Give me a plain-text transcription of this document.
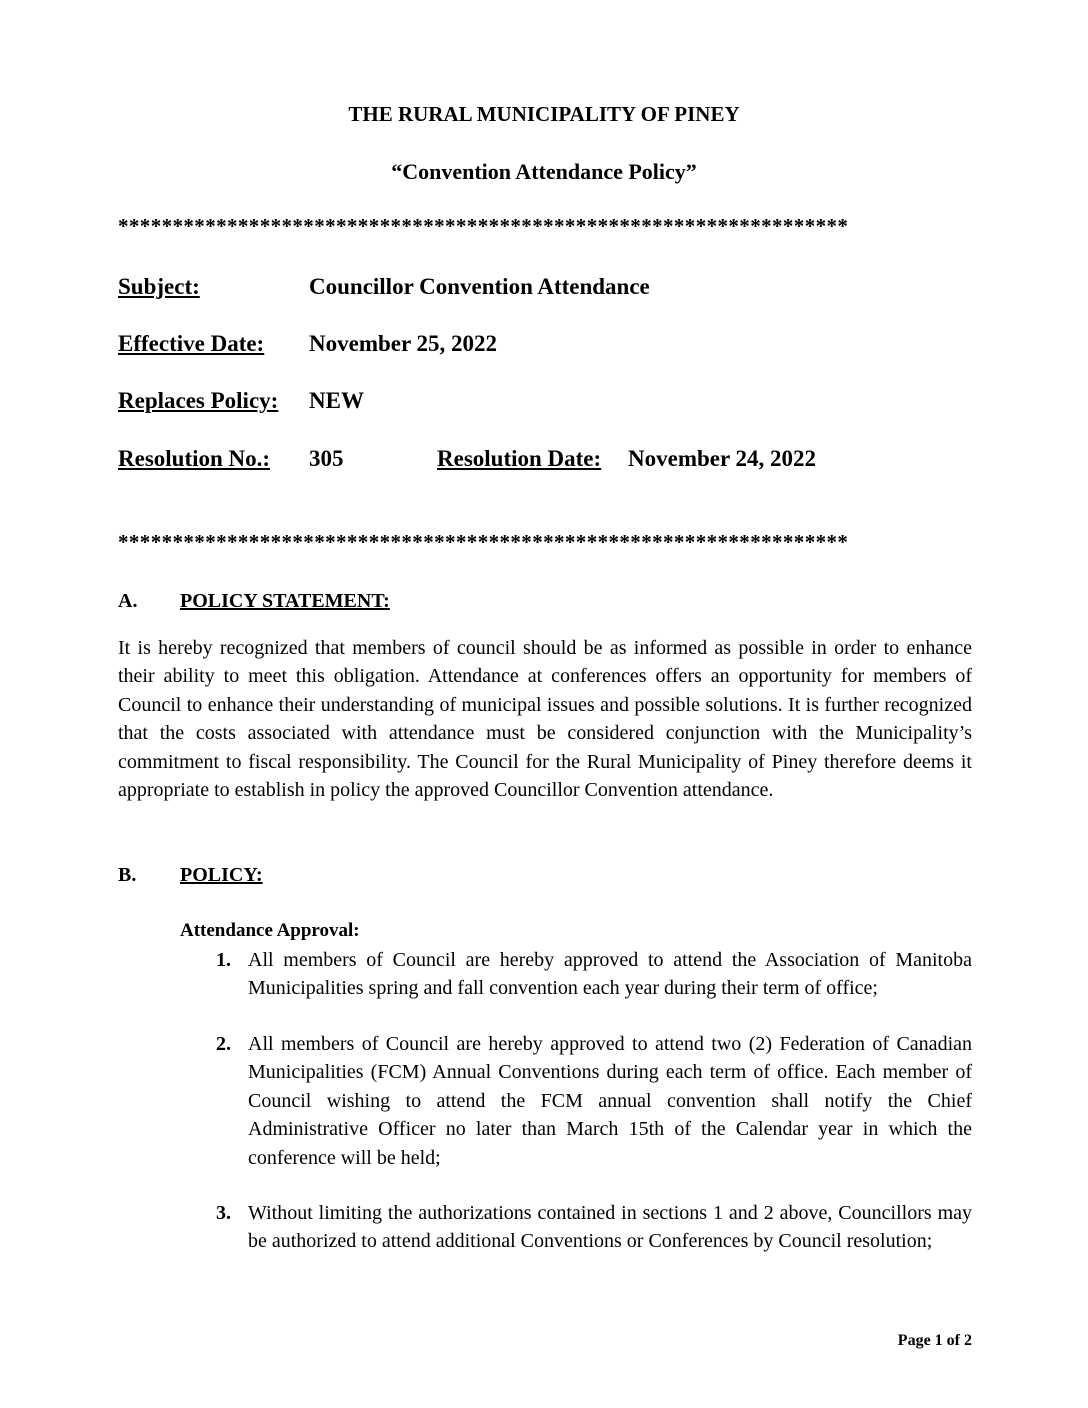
THE RURAL MUNICIPALITY OF PINEY

“Convention Attendance Policy”

*******************************************************************

Subject:	Councillor Convention Attendance
Effective Date: November 25, 2022
Replaces Policy: NEW
Resolution No.: 305	Resolution Date: November 24, 2022

*******************************************************************

A. POLICY STATEMENT:

It is hereby recognized that members of council should be as informed as possible in order to enhance their ability to meet this obligation. Attendance at conferences offers an opportunity for members of Council to enhance their understanding of municipal issues and possible solutions. It is further recognized that the costs associated with attendance must be considered conjunction with the Municipality’s commitment to fiscal responsibility. The Council for the Rural Municipality of Piney therefore deems it appropriate to establish in policy the approved Councillor Convention attendance.

B. POLICY:
Attendance Approval:
1. All members of Council are hereby approved to attend the Association of Manitoba Municipalities spring and fall convention each year during their term of office;

2. All members of Council are hereby approved to attend two (2) Federation of Canadian Municipalities (FCM) Annual Conventions during each term of office. Each member of Council wishing to attend the FCM annual convention shall notify the Chief Administrative Officer no later than March 15th of the Calendar year in which the conference will be held;

3. Without limiting the authorizations contained in sections 1 and 2 above, Councillors may be authorized to attend additional Conventions or Conferences by Council resolution;

Page 1 of 2
